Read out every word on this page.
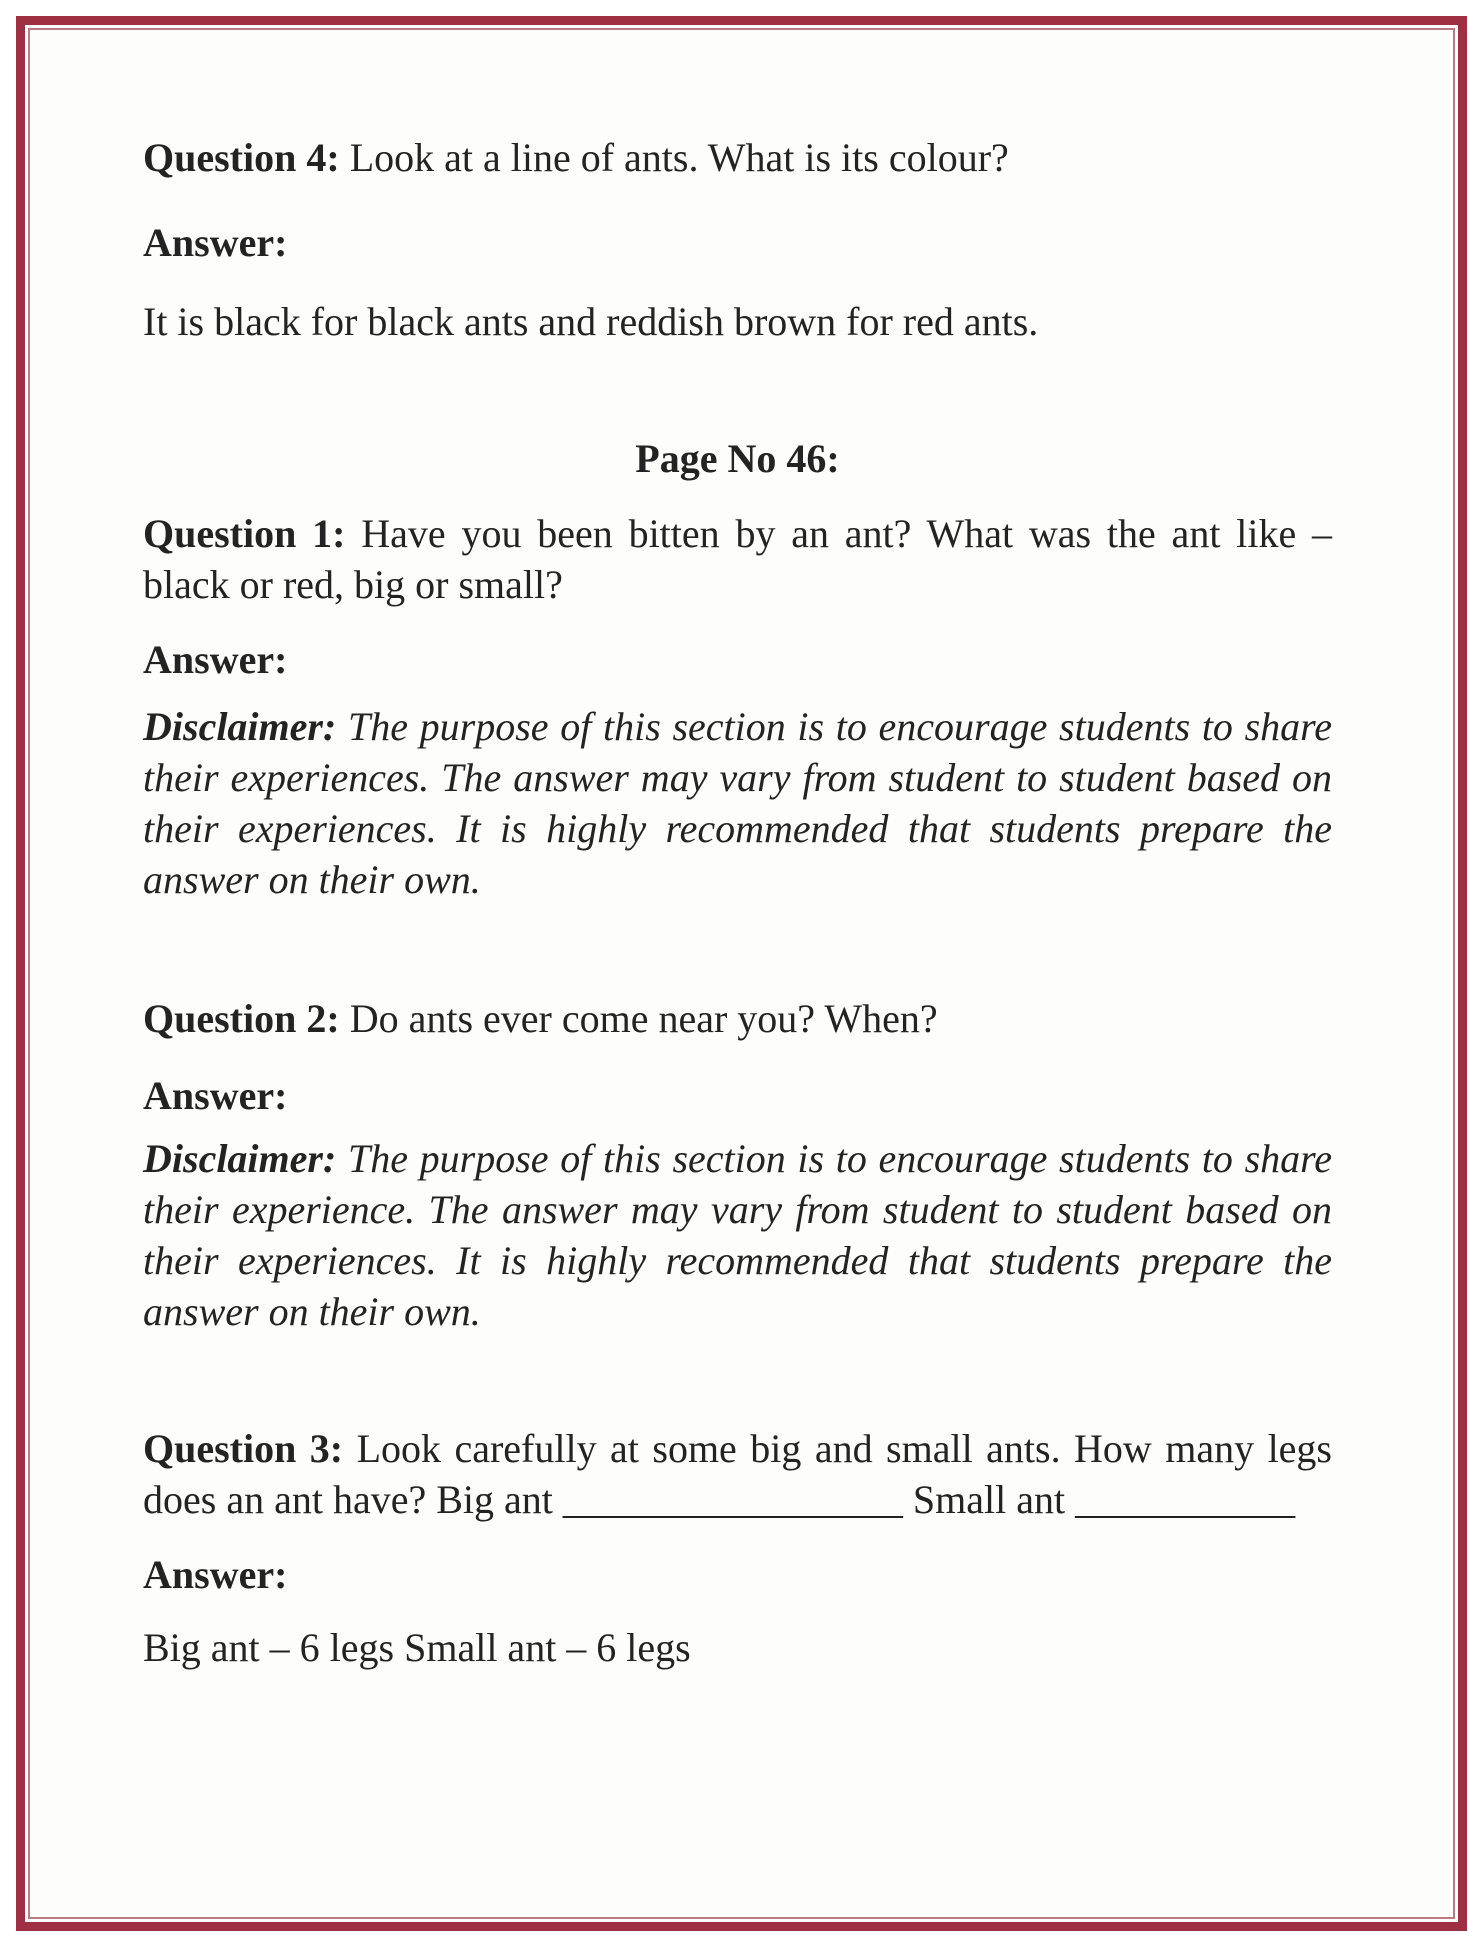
Question 4: Look at a line of ants. What is its colour?
Answer:
It is black for black ants and reddish brown for red ants.
Page No 46:
Question 1: Have you been bitten by an ant? What was the ant like –
black or red, big or small?
Answer:
Disclaimer: The purpose of this section is to encourage students to share
their experiences. The answer may vary from student to student based on
their experiences. It is highly recommended that students prepare the
answer on their own.
Question 2: Do ants ever come near you? When?
Answer:
Disclaimer: The purpose of this section is to encourage students to share
their experience. The answer may vary from student to student based on
their experiences. It is highly recommended that students prepare the
answer on their own.
Question 3: Look carefully at some big and small ants. How many legs
does an ant have? Big ant _________________ Small ant ___________
Answer:
Big ant – 6 legs Small ant – 6 legs
